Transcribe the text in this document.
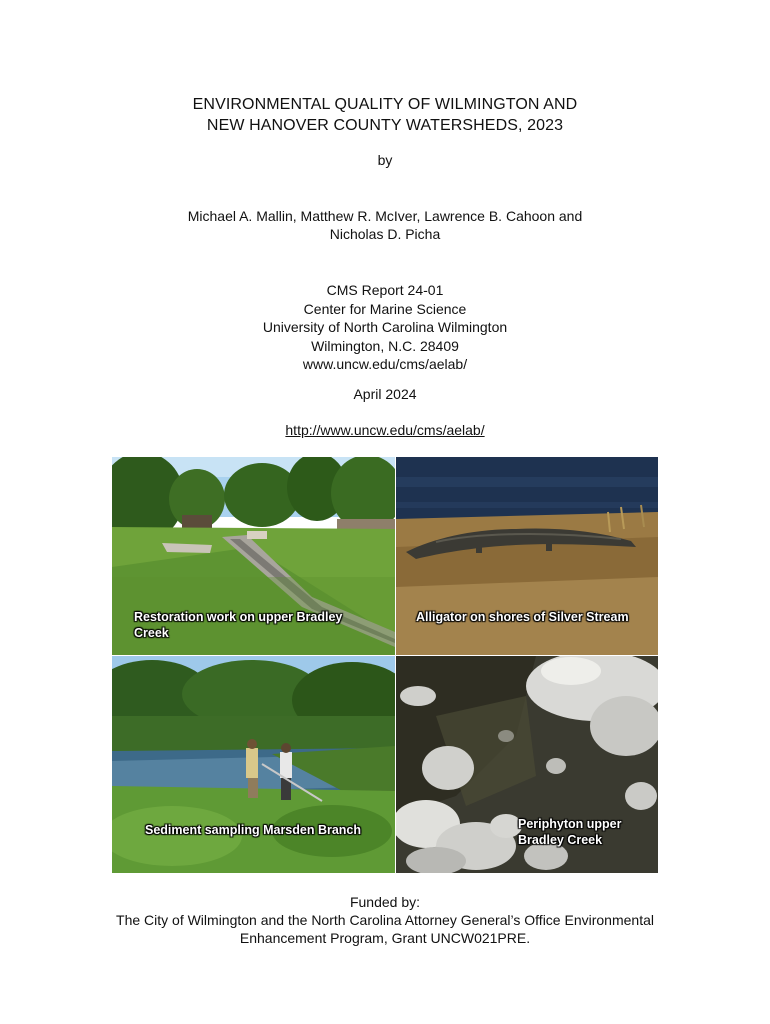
ENVIRONMENTAL QUALITY OF WILMINGTON AND
NEW HANOVER COUNTY WATERSHEDS, 2023
by
Michael A. Mallin, Matthew R. McIver, Lawrence B. Cahoon and
Nicholas D. Picha
CMS Report 24-01
Center for Marine Science
University of North Carolina Wilmington
Wilmington, N.C. 28409
www.uncw.edu/cms/aelab/
April 2024
http://www.uncw.edu/cms/aelab/
Restoration work on upper Bradley
Creek
Alligator on shores of Silver Stream
Sediment sampling Marsden Branch	Periphyton upper
Bradley Creek
Funded by:
The City of Wilmington and the North Carolina Attorney General’s Office Environmental
Enhancement Program, Grant UNCW021PRE.
